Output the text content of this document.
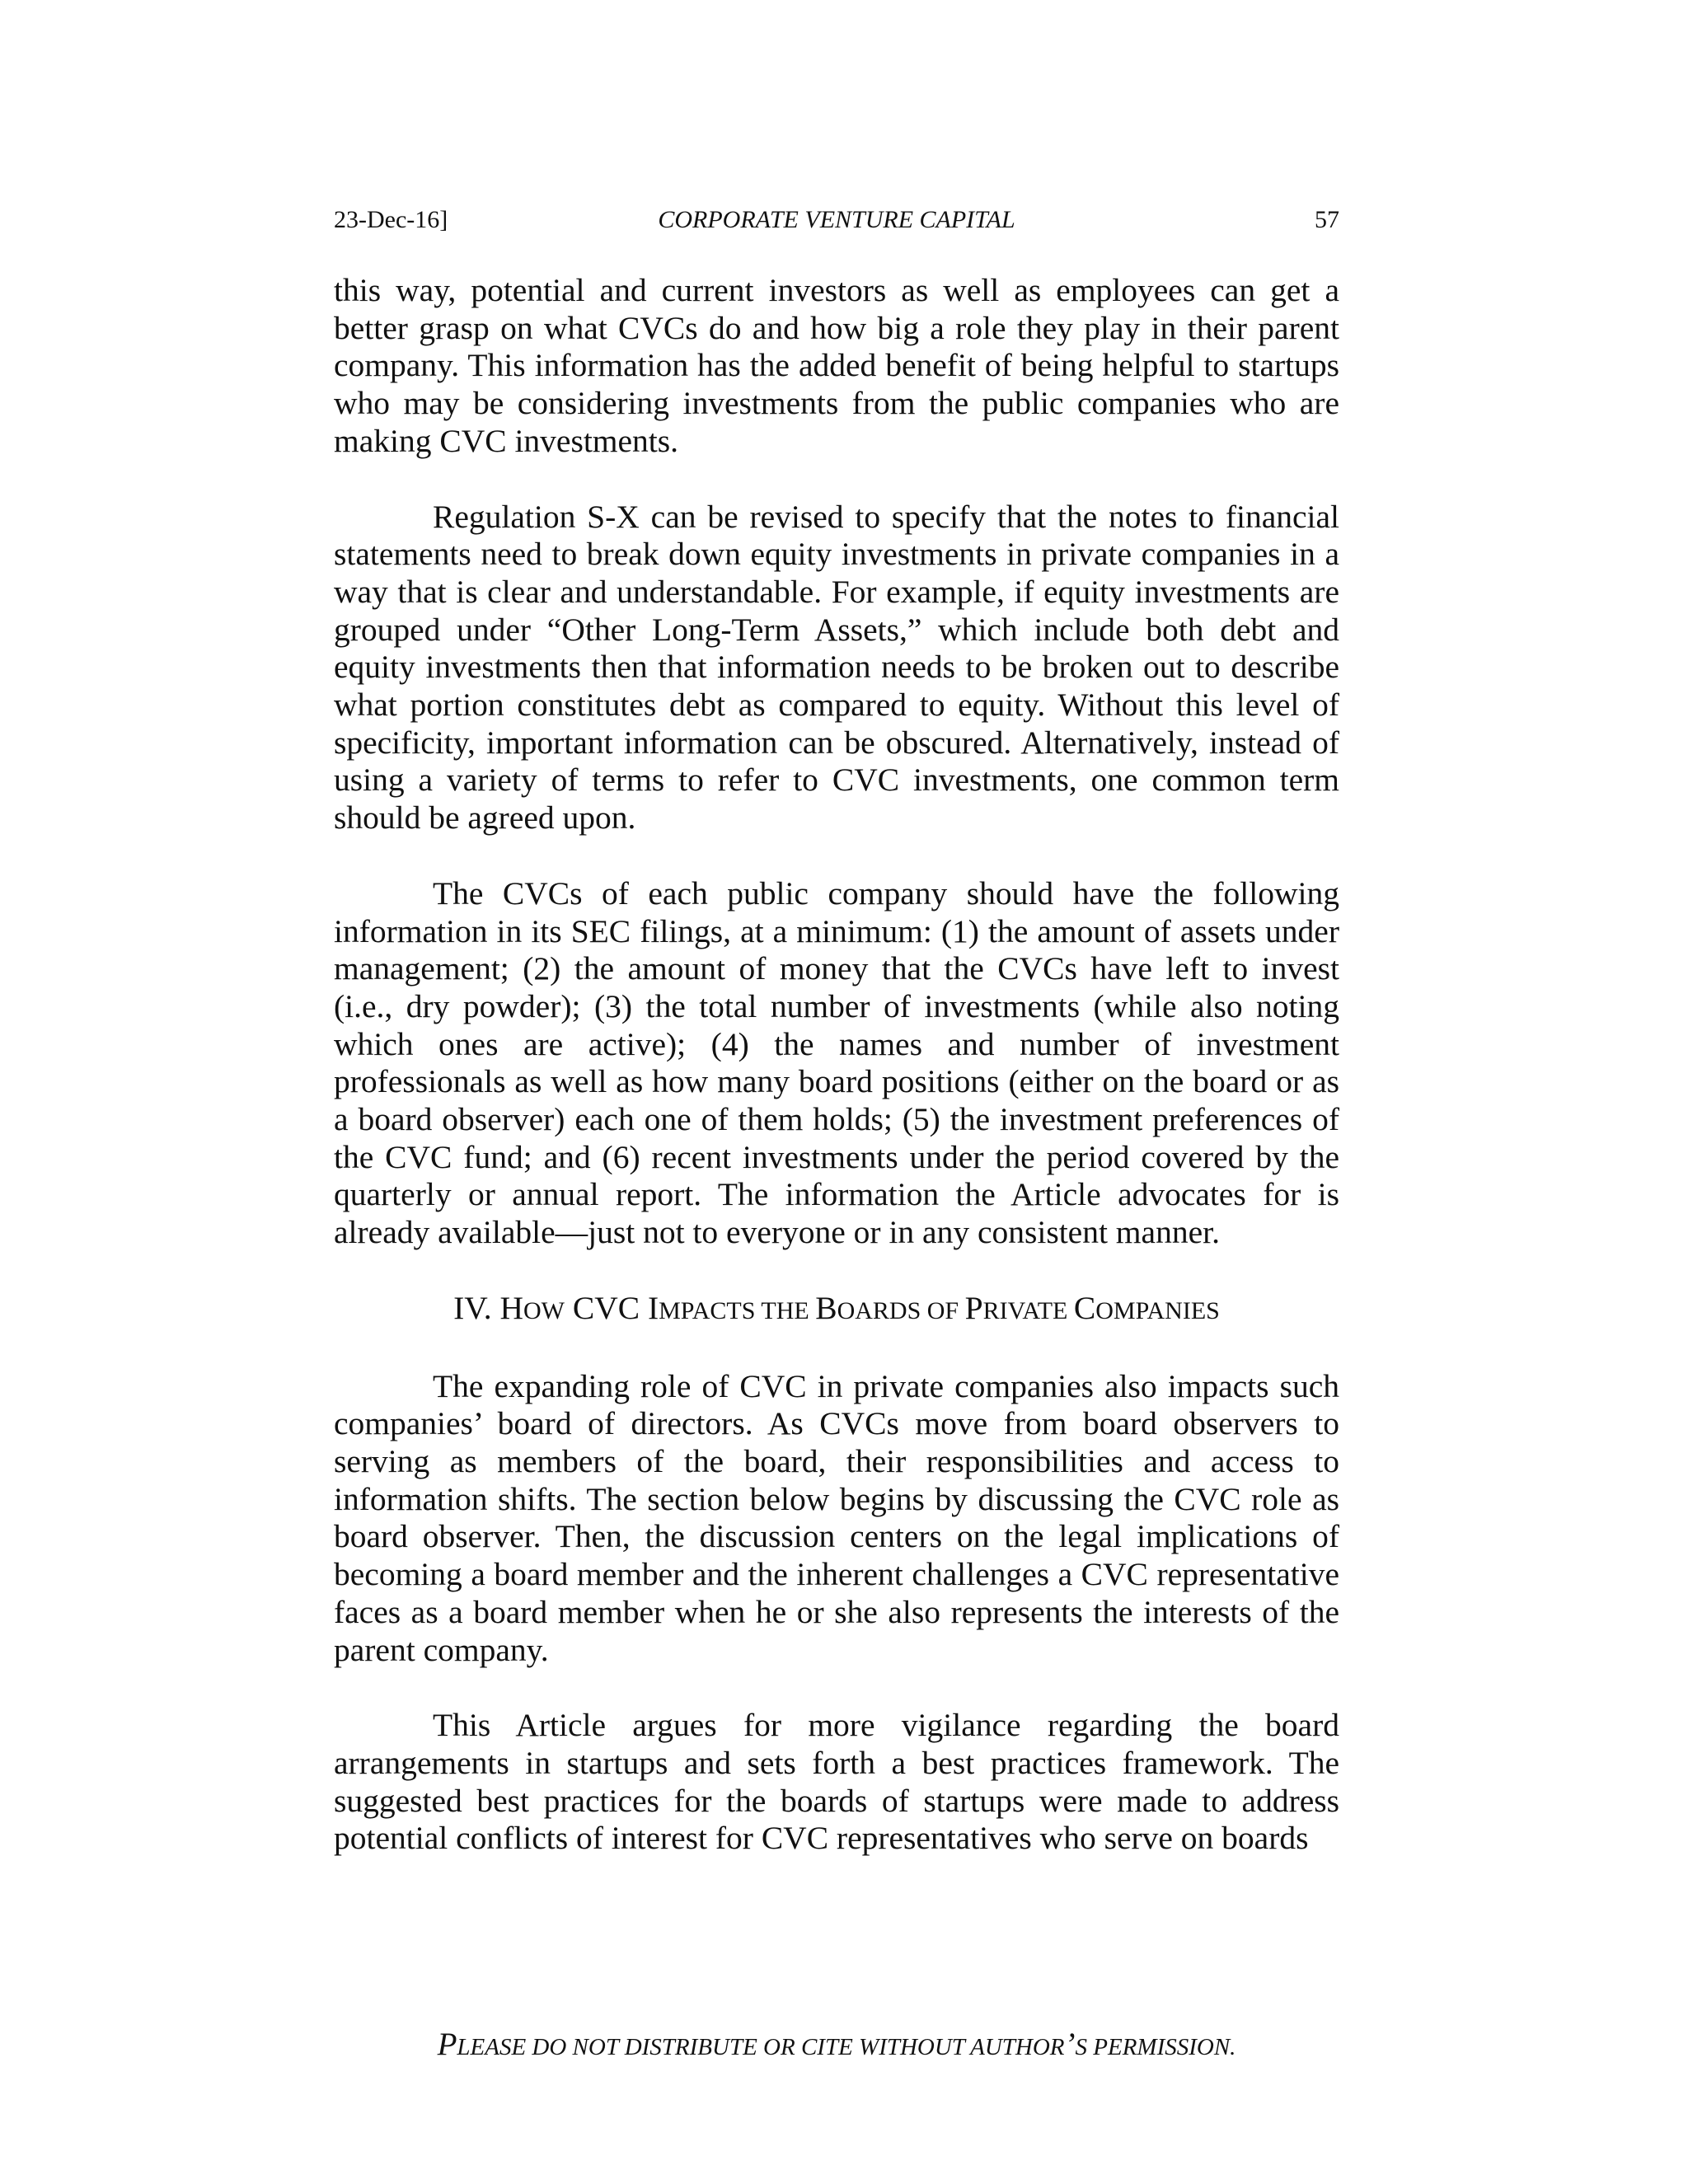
23-Dec-16]	CORPORATE VENTURE CAPITAL	57

this way, potential and current investors as well as employees can get a better grasp on what CVCs do and how big a role they play in their parent company. This information has the added benefit of being helpful to startups who may be considering investments from the public companies who are making CVC investments.

Regulation S-X can be revised to specify that the notes to financial statements need to break down equity investments in private companies in a way that is clear and understandable. For example, if equity investments are grouped under “Other Long-Term Assets,” which include both debt and equity investments then that information needs to be broken out to describe what portion constitutes debt as compared to equity. Without this level of specificity, important information can be obscured. Alternatively, instead of using a variety of terms to refer to CVC investments, one common term should be agreed upon.

The CVCs of each public company should have the following information in its SEC filings, at a minimum: (1) the amount of assets under management; (2) the amount of money that the CVCs have left to invest (i.e., dry powder); (3) the total number of investments (while also noting which ones are active); (4) the names and number of investment professionals as well as how many board positions (either on the board or as a board observer) each one of them holds; (5) the investment preferences of the CVC fund; and (6) recent investments under the period covered by the quarterly or annual report. The information the Article advocates for is already available—just not to everyone or in any consistent manner.

IV. HOW CVC IMPACTS THE BOARDS OF PRIVATE COMPANIES

The expanding role of CVC in private companies also impacts such companies’ board of directors. As CVCs move from board observers to serving as members of the board, their responsibilities and access to information shifts. The section below begins by discussing the CVC role as board observer. Then, the discussion centers on the legal implications of becoming a board member and the inherent challenges a CVC representative faces as a board member when he or she also represents the interests of the parent company.

This Article argues for more vigilance regarding the board arrangements in startups and sets forth a best practices framework. The suggested best practices for the boards of startups were made to address potential conflicts of interest for CVC representatives who serve on boards

PLEASE DO NOT DISTRIBUTE OR CITE WITHOUT AUTHOR’S PERMISSION.
